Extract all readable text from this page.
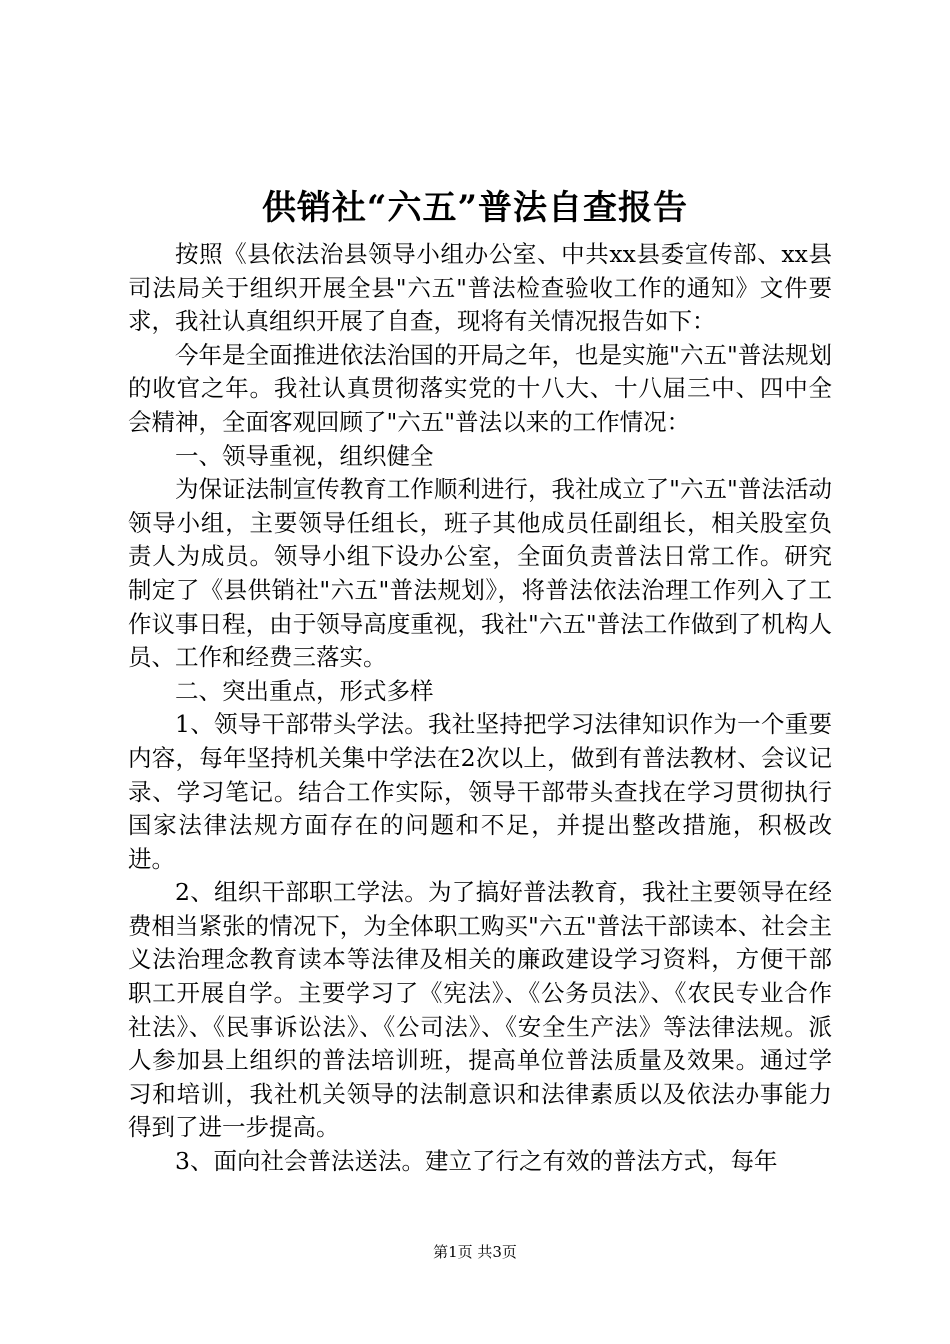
供销社“六五”普法自查报告

按照《县依法治县领导小组办公室、中共xx县委宣传部、xx县司法局关于组织开展全县"六五"普法检查验收工作的通知》文件要求，我社认真组织开展了自查，现将有关情况报告如下：

今年是全面推进依法治国的开局之年，也是实施"六五"普法规划的收官之年。我社认真贯彻落实党的十八大、十八届三中、四中全会精神，全面客观回顾了"六五"普法以来的工作情况：

一、领导重视，组织健全

为保证法制宣传教育工作顺利进行，我社成立了"六五"普法活动领导小组，主要领导任组长，班子其他成员任副组长，相关股室负责人为成员。领导小组下设办公室，全面负责普法日常工作。研究制定了《县供销社"六五"普法规划》，将普法依法治理工作列入了工作议事日程，由于领导高度重视，我社"六五"普法工作做到了机构人员、工作和经费三落实。

二、突出重点，形式多样

1、领导干部带头学法。我社坚持把学习法律知识作为一个重要内容，每年坚持机关集中学法在2次以上，做到有普法教材、会议记录、学习笔记。结合工作实际，领导干部带头查找在学习贯彻执行国家法律法规方面存在的问题和不足，并提出整改措施，积极改进。

2、组织干部职工学法。为了搞好普法教育，我社主要领导在经费相当紧张的情况下，为全体职工购买"六五"普法干部读本、社会主义法治理念教育读本等法律及相关的廉政建设学习资料，方便干部职工开展自学。主要学习了《宪法》、《公务员法》、《农民专业合作社法》、《民事诉讼法》、《公司法》、《安全生产法》等法律法规。派人参加县上组织的普法培训班，提高单位普法质量及效果。通过学习和培训，我社机关领导的法制意识和法律素质以及依法办事能力得到了进一步提高。

3、面向社会普法送法。建立了行之有效的普法方式，每年

第1页 共3页
